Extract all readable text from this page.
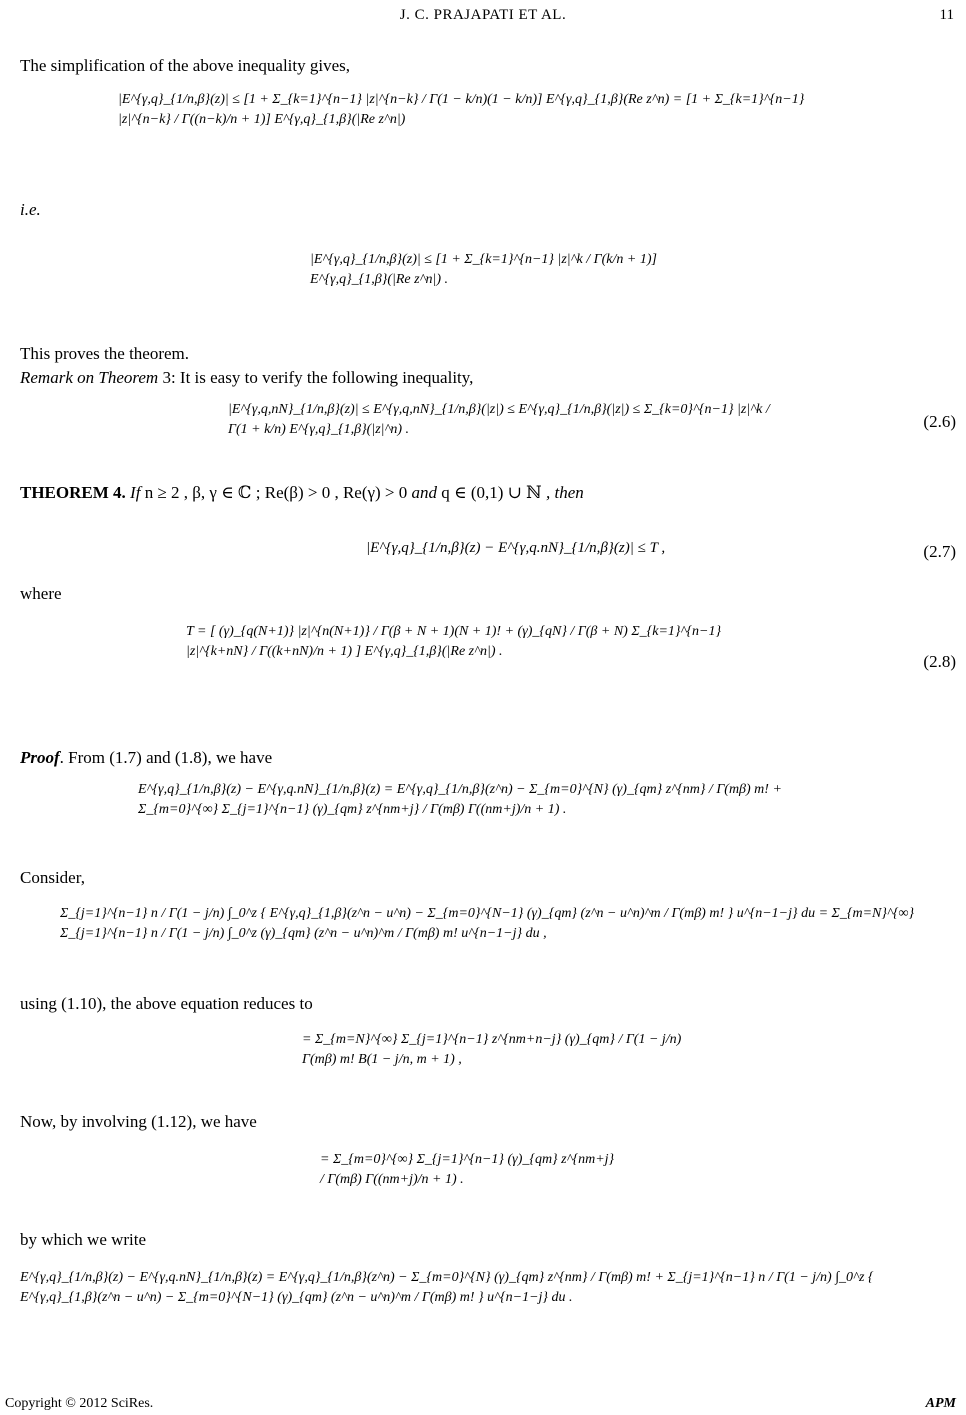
J. C. PRAJAPATI ET AL.	11
The simplification of the above inequality gives,
|E^{γ,q}_{1/n,β}(z)| ≤ [1 + Σ_{k=1}^{n−1} |z|^{n−k} / Γ(1 − k/n)(1 − k/n)] E^{γ,q}_{1,β}(Re z^n) = [1 + Σ_{k=1}^{n−1} |z|^{n−k} / Γ((n−k)/n + 1)] E^{γ,q}_{1,β}(|Re z^n|)
i.e.
|E^{γ,q}_{1/n,β}(z)| ≤ [1 + Σ_{k=1}^{n−1} |z|^k / Γ(k/n + 1)] E^{γ,q}_{1,β}(|Re z^n|) .
This proves the theorem.
Remark on Theorem 3: It is easy to verify the following inequality,
|E^{γ,q,nN}_{1/n,β}(z)| ≤ E^{γ,q,nN}_{1/n,β}(|z|) ≤ E^{γ,q}_{1/n,β}(|z|) ≤ Σ_{k=0}^{n−1} |z|^k / Γ(1 + k/n) E^{γ,q}_{1,β}(|z|^n) .	(2.6)
THEOREM 4. If n ≥ 2 , β, γ ∈ ℂ ; Re(β) > 0 , Re(γ) > 0 and q ∈ (0,1) ∪ ℕ , then
|E^{γ,q}_{1/n,β}(z) − E^{γ,q.nN}_{1/n,β}(z)| ≤ T ,	(2.7)
where
T = [ (γ)_{q(N+1)} |z|^{n(N+1)} / Γ(β + N + 1)(N + 1)! + (γ)_{qN} / Γ(β + N) Σ_{k=1}^{n−1} |z|^{k+nN} / Γ((k+nN)/n + 1) ] E^{γ,q}_{1,β}(|Re z^n|) .
(2.8)
Proof. From (1.7) and (1.8), we have
E^{γ,q}_{1/n,β}(z) − E^{γ,q.nN}_{1/n,β}(z) = E^{γ,q}_{1/n,β}(z^n) − Σ_{m=0}^{N} (γ)_{qm} z^{nm} / Γ(mβ) m! + Σ_{m=0}^{∞} Σ_{j=1}^{n−1} (γ)_{qm} z^{nm+j} / Γ(mβ) Γ((nm+j)/n + 1) .
Consider,
Σ_{j=1}^{n−1} n / Γ(1 − j/n) ∫_0^z { E^{γ,q}_{1,β}(z^n − u^n) − Σ_{m=0}^{N−1} (γ)_{qm} (z^n − u^n)^m / Γ(mβ) m! } u^{n−1−j} du = Σ_{m=N}^{∞} Σ_{j=1}^{n−1} n / Γ(1 − j/n) ∫_0^z (γ)_{qm} (z^n − u^n)^m / Γ(mβ) m! u^{n−1−j} du ,
using (1.10), the above equation reduces to
= Σ_{m=N}^{∞} Σ_{j=1}^{n−1} z^{nm+n−j} (γ)_{qm} / Γ(1 − j/n) Γ(mβ) m! B(1 − j/n, m + 1) ,
Now, by involving (1.12), we have
= Σ_{m=0}^{∞} Σ_{j=1}^{n−1} (γ)_{qm} z^{nm+j} / Γ(mβ) Γ((nm+j)/n + 1) .
by which we write
E^{γ,q}_{1/n,β}(z) − E^{γ,q.nN}_{1/n,β}(z) = E^{γ,q}_{1/n,β}(z^n) − Σ_{m=0}^{N} (γ)_{qm} z^{nm} / Γ(mβ) m! + Σ_{j=1}^{n−1} n / Γ(1 − j/n) ∫_0^z { E^{γ,q}_{1,β}(z^n − u^n) − Σ_{m=0}^{N−1} (γ)_{qm} (z^n − u^n)^m / Γ(mβ) m! } u^{n−1−j} du .
Copyright © 2012 SciRes.	APM
